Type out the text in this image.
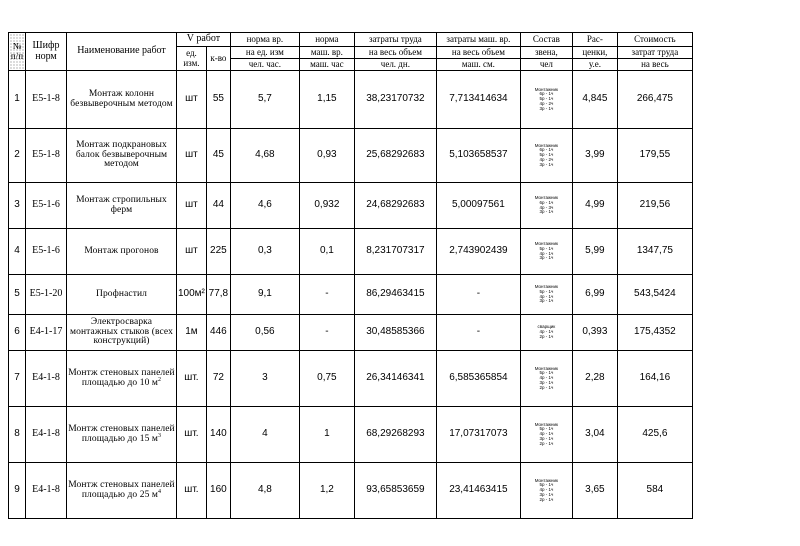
№ п/п	Шифр норм	Наименование работ	V работ		норма вр.	норма	затраты труда	затраты маш. вр.	Состав	Рас-	Стоимость
			ед. изм.	к-во	на ед. изм	маш. вр.	на весь объем	на весь объем	звена,	ценки,	затрат труда
					чел. час.	маш. час	чел. дн.	маш. см.	чел	у.е.	на весь
1	Е5-1-8	Монтаж колонн безвыверочным методом	шт	55	5,7	1,15	38,23170732	7,713414634	Монтажник
6р - 1ч
5р - 1ч
4р - 2ч
3р - 1ч	4,845	266,475
2	Е5-1-8	Монтаж подкрановых балок безвыверочным методом	шт	45	4,68	0,93	25,68292683	5,103658537	Монтажник
6р - 1ч
5р - 1ч
4р - 2ч
3р - 1ч	3,99	179,55
3	Е5-1-6	Монтаж стропильных ферм	шт	44	4,6	0,932	24,68292683	5,00097561	Монтажник
6р - 1ч
4р - 3ч
3р - 1ч	4,99	219,56
4	Е5-1-6	Монтаж прогонов	шт	225	0,3	0,1	8,231707317	2,743902439	Монтажник
5р - 1ч
4р - 1ч
3р - 1ч	5,99	1347,75
5	Е5-1-20	Профнастил	100м²	77,8	9,1	-	86,29463415	-	Монтажник
5р - 1ч
4р - 1ч
3р - 1ч	6,99	543,5424
6	Е4-1-17	Электросварка монтажных стыков (всех конструкций)	1м	446	0,56	-	30,48585366	-	сварщик
4р - 1ч
2р - 1ч	0,393	175,4352
7	Е4-1-8	Монтж стеновых панелей площадью до 10 $м^2$	шт.	72	3	0,75	26,34146341	6,585365854	Монтажник
5р - 1ч
4р - 1ч
3р - 1ч
2р - 1ч	2,28	164,16
8	Е4-1-8	Монтж стеновых панелей площадью до 15 $м^3$	шт.	140	4	1	68,29268293	17,07317073	Монтажник
5р - 1ч
4р - 1ч
3р - 1ч
2р - 1ч	3,04	425,6
9	Е4-1-8	Монтж стеновых панелей площадью до 25 $м^4$	шт.	160	4,8	1,2	93,65853659	23,41463415	Монтажник
5р - 1ч
4р - 1ч
3р - 1ч
2р - 1ч	3,65	584
